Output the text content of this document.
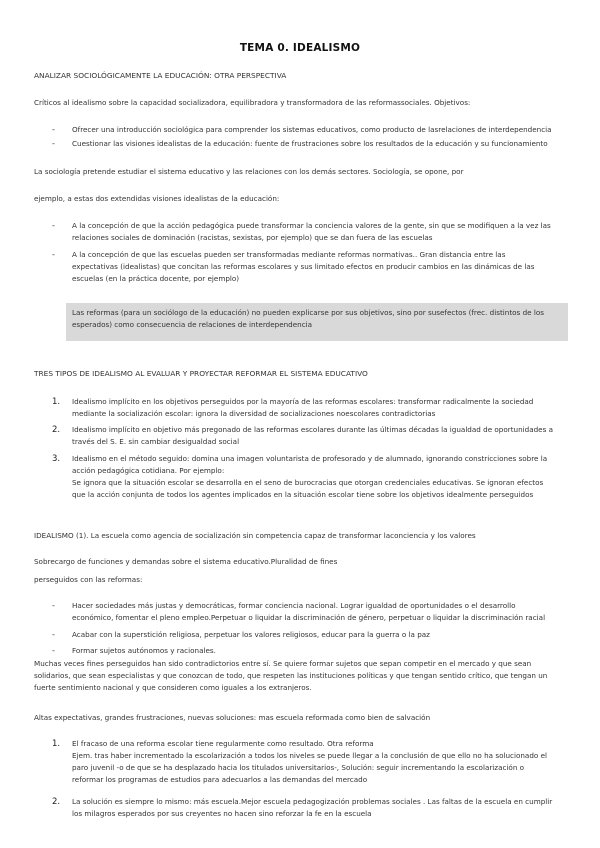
TEMA 0. IDEALISMO
ANALIZAR SOCIOLÓGICAMENTE LA EDUCACIÓN: OTRA PERSPECTIVA
Críticos al idealismo sobre la capacidad socializadora, equilibradora y transformadora de las reformassociales. Objetivos:
- Ofrecer una introducción sociológica para comprender los sistemas educativos, como producto de lasrelaciones de interdependencia
- Cuestionar las visiones idealistas de la educación: fuente de frustraciones sobre los resultados de la educación y su funcionamiento
La sociología pretende estudiar el sistema educativo y las relaciones con los demás sectores. Sociología, se opone, por
ejemplo, a estas dos extendidas visiones idealistas de la educación:
- A la concepción de que la acción pedagógica puede transformar la conciencia valores de la gente, sin que se modifiquen a la vez las
relaciones sociales de dominación (racistas, sexistas, por ejemplo) que se dan fuera de las escuelas
- A la concepción de que las escuelas pueden ser transformadas mediante reformas normativas.. Gran distancia entre las
expectativas (idealistas) que concitan las reformas escolares y sus limitado efectos en producir cambios en las dinámicas de las
escuelas (en la práctica docente, por ejemplo)
Las reformas (para un sociólogo de la educación) no pueden explicarse por sus objetivos, sino por susefectos (frec. distintos de los
esperados) como consecuencia de relaciones de interdependencia
TRES TIPOS DE IDEALISMO AL EVALUAR Y PROYECTAR REFORMAR EL SISTEMA EDUCATIVO
1. Idealismo implícito en los objetivos perseguidos por la mayoría de las reformas escolares: transformar radicalmente la sociedad
mediante la socialización escolar: ignora la diversidad de socializaciones noescolares contradictorias
2. Idealismo implícito en objetivo más pregonado de las reformas escolares durante las últimas décadas la igualdad de oportunidades a
través del S. E. sin cambiar desigualdad social
3. Idealismo en el método seguido: domina una imagen voluntarista de profesorado y de alumnado, ignorando constricciones sobre la
acción pedagógica cotidiana. Por ejemplo:
Se ignora que la situación escolar se desarrolla en el seno de burocracias que otorgan credenciales educativas. Se ignoran efectos
que la acción conjunta de todos los agentes implicados en la situación escolar tiene sobre los objetivos idealmente perseguidos
IDEALISMO (1). La escuela como agencia de socialización sin competencia capaz de transformar laconciencia y los valores
Sobrecargo de funciones y demandas sobre el sistema educativo.Pluralidad de fines
perseguidos con las reformas:
- Hacer sociedades más justas y democráticas, formar conciencia nacional. Lograr igualdad de oportunidades o el desarrollo
económico, fomentar el pleno empleo.Perpetuar o liquidar la discriminación de género, perpetuar o liquidar la discriminación racial
- Acabar con la superstición religiosa, perpetuar los valores religiosos, educar para la guerra o la paz
- Formar sujetos autónomos y racionales.
Muchas veces fines perseguidos han sido contradictorios entre sí. Se quiere formar sujetos que sepan competir en el mercado y que sean
solidarios, que sean especialistas y que conozcan de todo, que respeten las instituciones políticas y que tengan sentido crítico, que tengan un
fuerte sentimiento nacional y que consideren como iguales a los extranjeros.
Altas expectativas, grandes frustraciones, nuevas soluciones: mas escuela reformada como bien de salvación
1. El fracaso de una reforma escolar tiene regularmente como resultado. Otra reforma
Ejem. tras haber incrementado la escolarización a todos los niveles se puede llegar a la conclusión de que ello no ha solucionado el
paro juvenil -o de que se ha desplazado hacia los titulados universitarios-, Solución: seguir incrementando la escolarización o
reformar los programas de estudios para adecuarlos a las demandas del mercado
2. La solución es siempre lo mismo: más escuela.Mejor escuela pedagogización problemas sociales . Las faltas de la escuela en cumplir
los milagros esperados por sus creyentes no hacen sino reforzar la fe en la escuela
